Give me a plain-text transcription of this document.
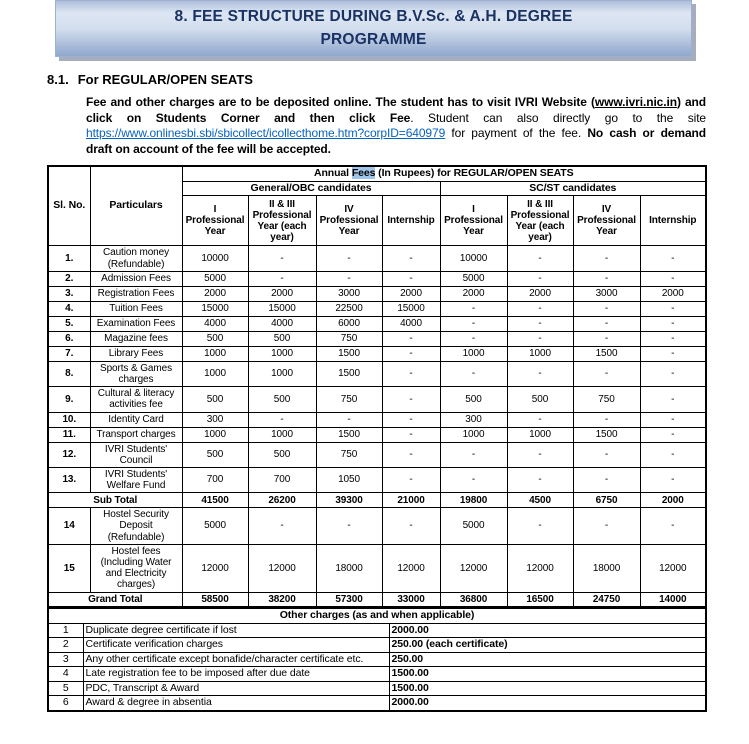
8. FEE STRUCTURE DURING B.V.Sc. & A.H. DEGREE
PROGRAMME
8.1. For REGULAR/OPEN SEATS

Fee and other charges are to be deposited online. The student has to visit IVRI Website (www.ivri.nic.in) and click on Students Corner and then click Fee. Student can also directly go to the site https://www.onlinesbi.sbi/sbicollect/icollecthome.htm?corpID=640979 for payment of the fee. No cash or demand draft on account of the fee will be accepted.

Sl. No.	Particulars	Annual Fees (In Rupees) for REGULAR/OPEN SEATS							
		General/OBC candidates				SC/ST candidates			
		I Professional Year	II & III Professional Year (each year)	IV Professional Year	Internship	I Professional Year	II & III Professional Year (each year)	IV Professional Year	Internship
1.	Caution money (Refundable)	10000	-	-	-	10000	-	-	-
2.	Admission Fees	5000	-	-	-	5000	-	-	-
3.	Registration Fees	2000	2000	3000	2000	2000	2000	3000	2000
4.	Tuition Fees	15000	15000	22500	15000	-	-	-	-
5.	Examination Fees	4000	4000	6000	4000	-	-	-	-
6.	Magazine fees	500	500	750	-	-	-	-	-
7.	Library Fees	1000	1000	1500	-	1000	1000	1500	-
8.	Sports & Games charges	1000	1000	1500	-	-	-	-	-
9.	Cultural & literacy activities fee	500	500	750	-	500	500	750	-
10.	Identity Card	300	-	-	-	300	-	-	-
11.	Transport charges	1000	1000	1500	-	1000	1000	1500	-
12.	IVRI Students' Council	500	500	750	-	-	-	-	-
13.	IVRI Students' Welfare Fund	700	700	1050	-	-	-	-	-
Sub Total		41500	26200	39300	21000	19800	4500	6750	2000
14	Hostel Security Deposit (Refundable)	5000	-	-	-	5000	-	-	-
15	Hostel fees (Including Water and Electricity charges)	12000	12000	18000	12000	12000	12000	18000	12000
Grand Total		58500	38200	57300	33000	36800	16500	24750	14000
Other charges (as and when applicable)		
1	Duplicate degree certificate if lost	2000.00
2	Certificate verification charges	250.00 (each certificate)
3	Any other certificate except bonafide/character certificate etc.	250.00
4	Late registration fee to be imposed after due date	1500.00
5	PDC, Transcript & Award	1500.00
6	Award & degree in absentia	2000.00
